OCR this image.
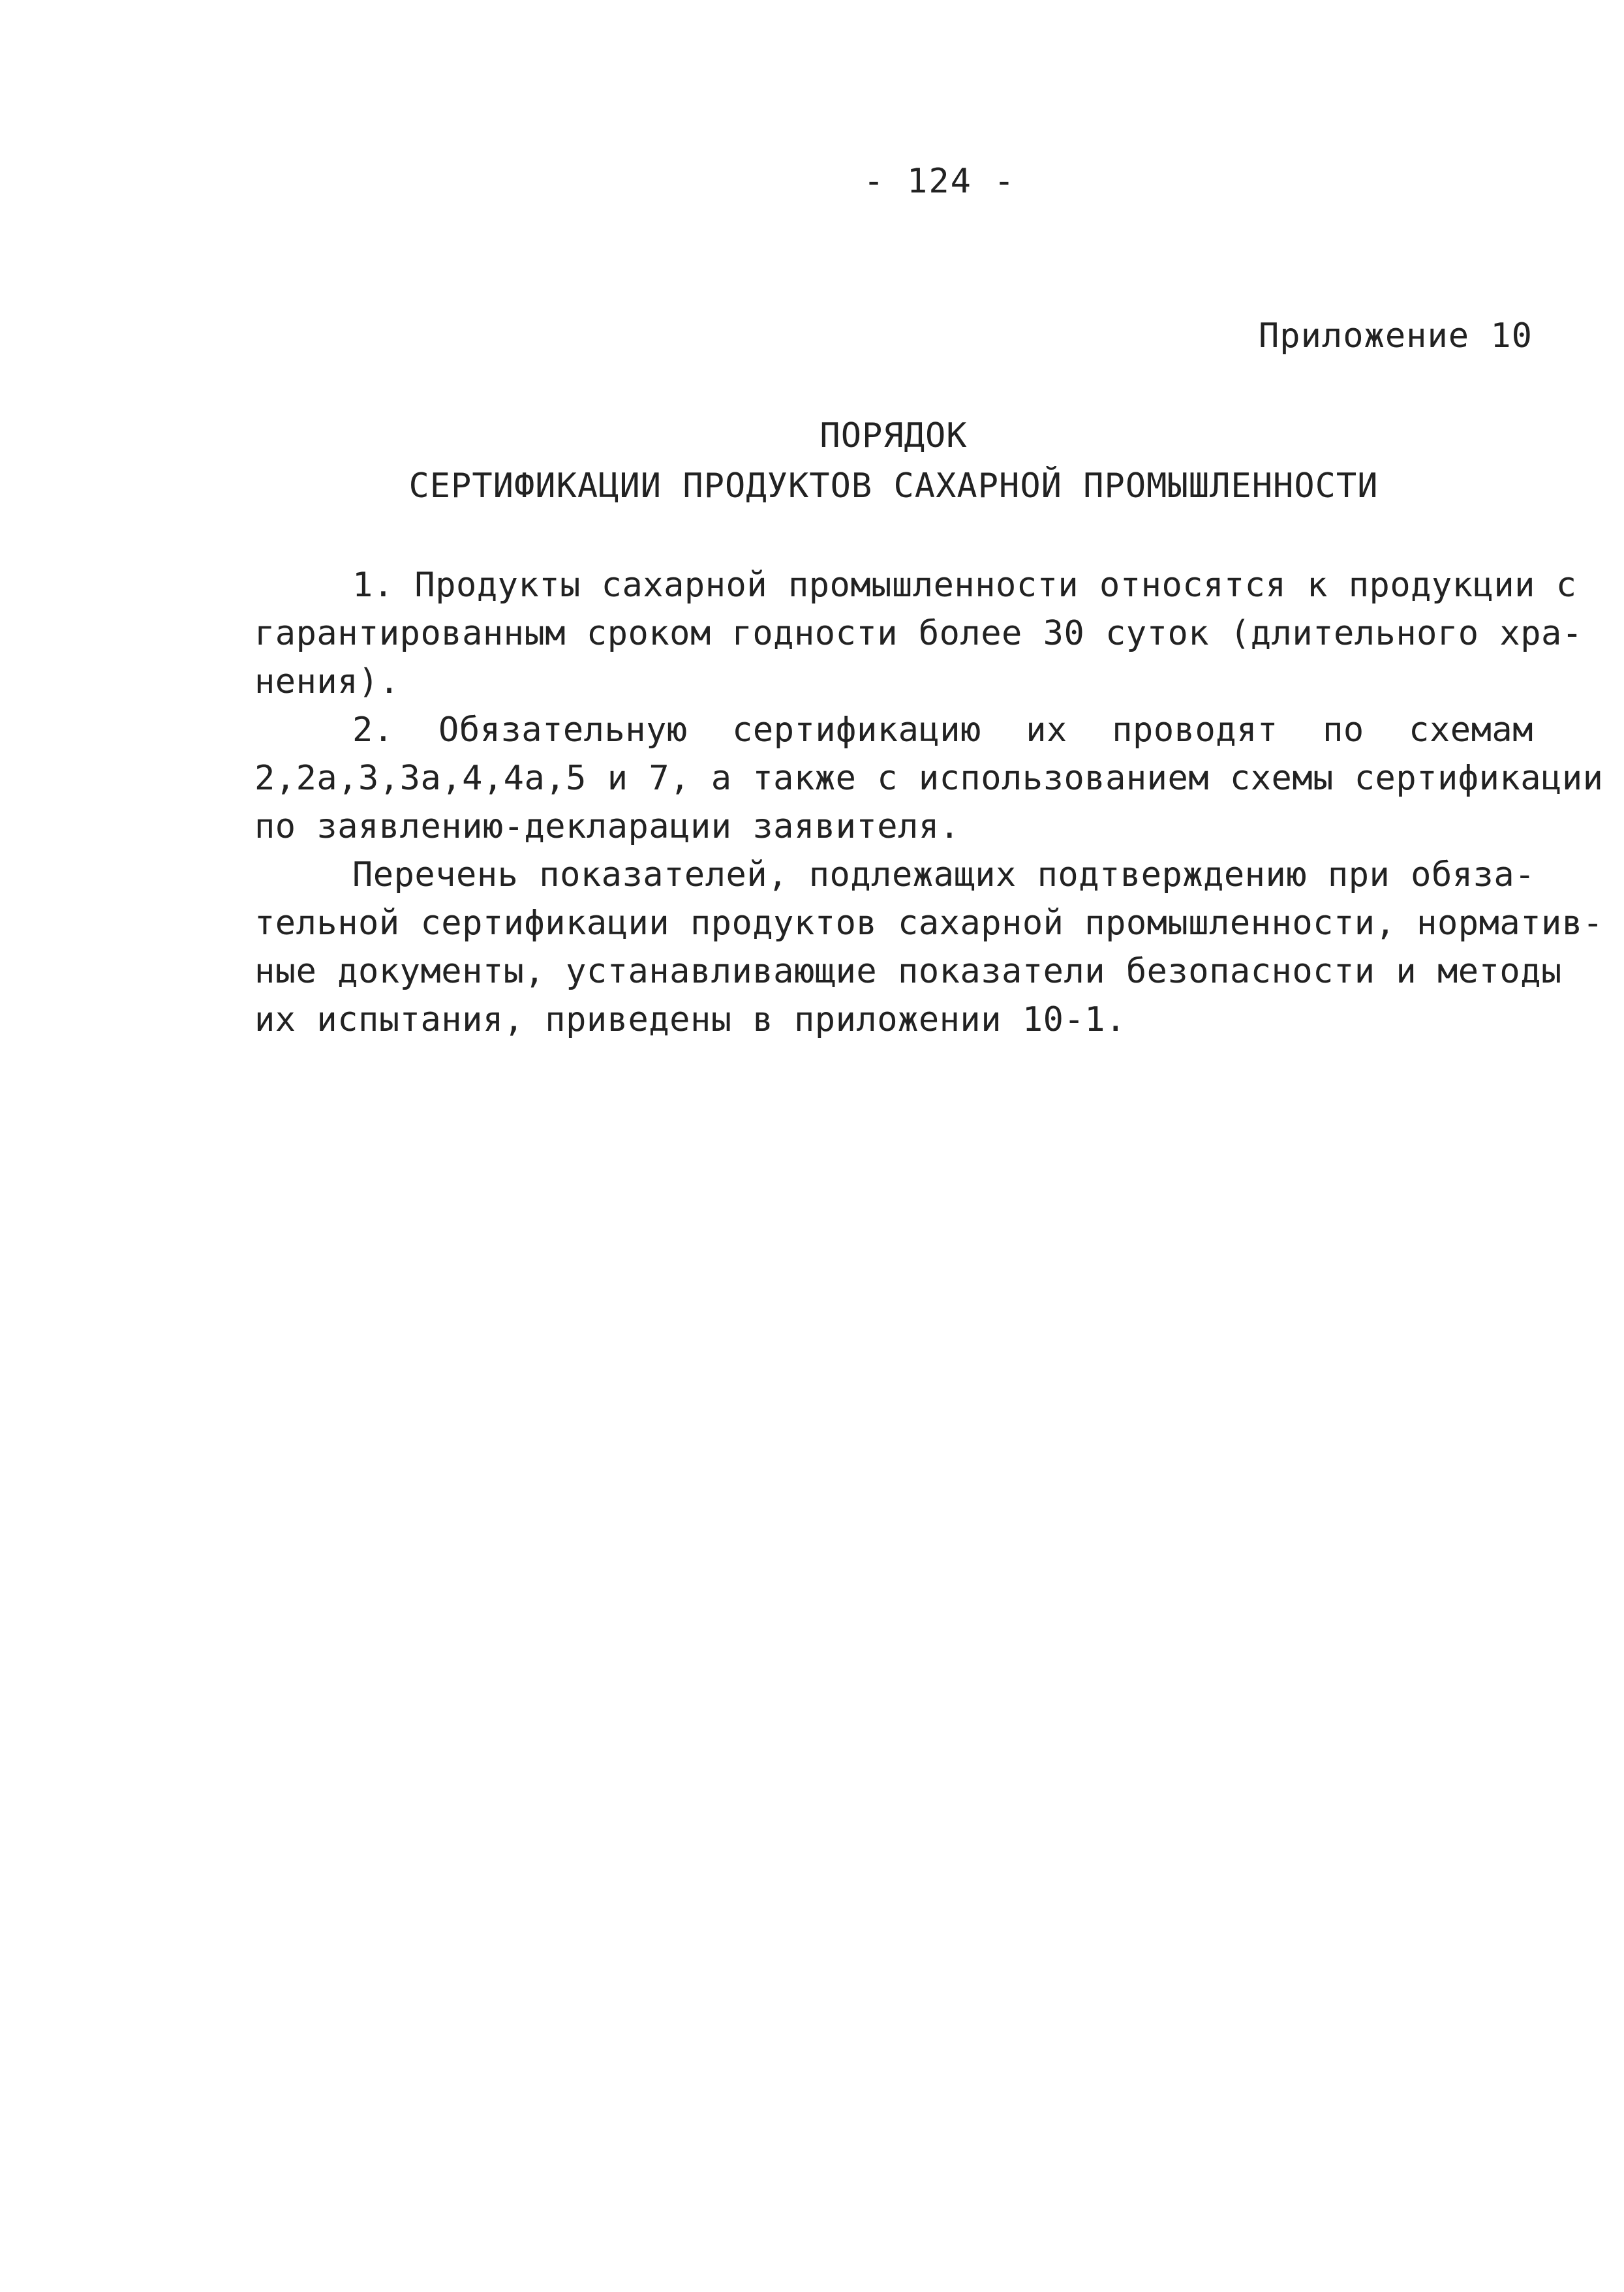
- 124 -
Приложение 10
ПОРЯДОК
СЕРТИФИКАЦИИ ПРОДУКТОВ САХАРНОЙ ПРОМЫШЛЕННОСТИ

1. Продукты сахарной промышленности относятся к продукции с
гарантированным сроком годности более 30 суток (длительного хра-
нения).

2. Обязательную сертификацию их проводят по схемам
2,2а,3,3а,4,4а,5 и 7, а также с использованием схемы сертификации
по заявлению-декларации заявителя.

Перечень показателей, подлежащих подтверждению при обяза-
тельной сертификации продуктов сахарной промышленности, норматив-
ные документы, устанавливающие показатели безопасности и методы
их испытания, приведены в приложении 10-1.
